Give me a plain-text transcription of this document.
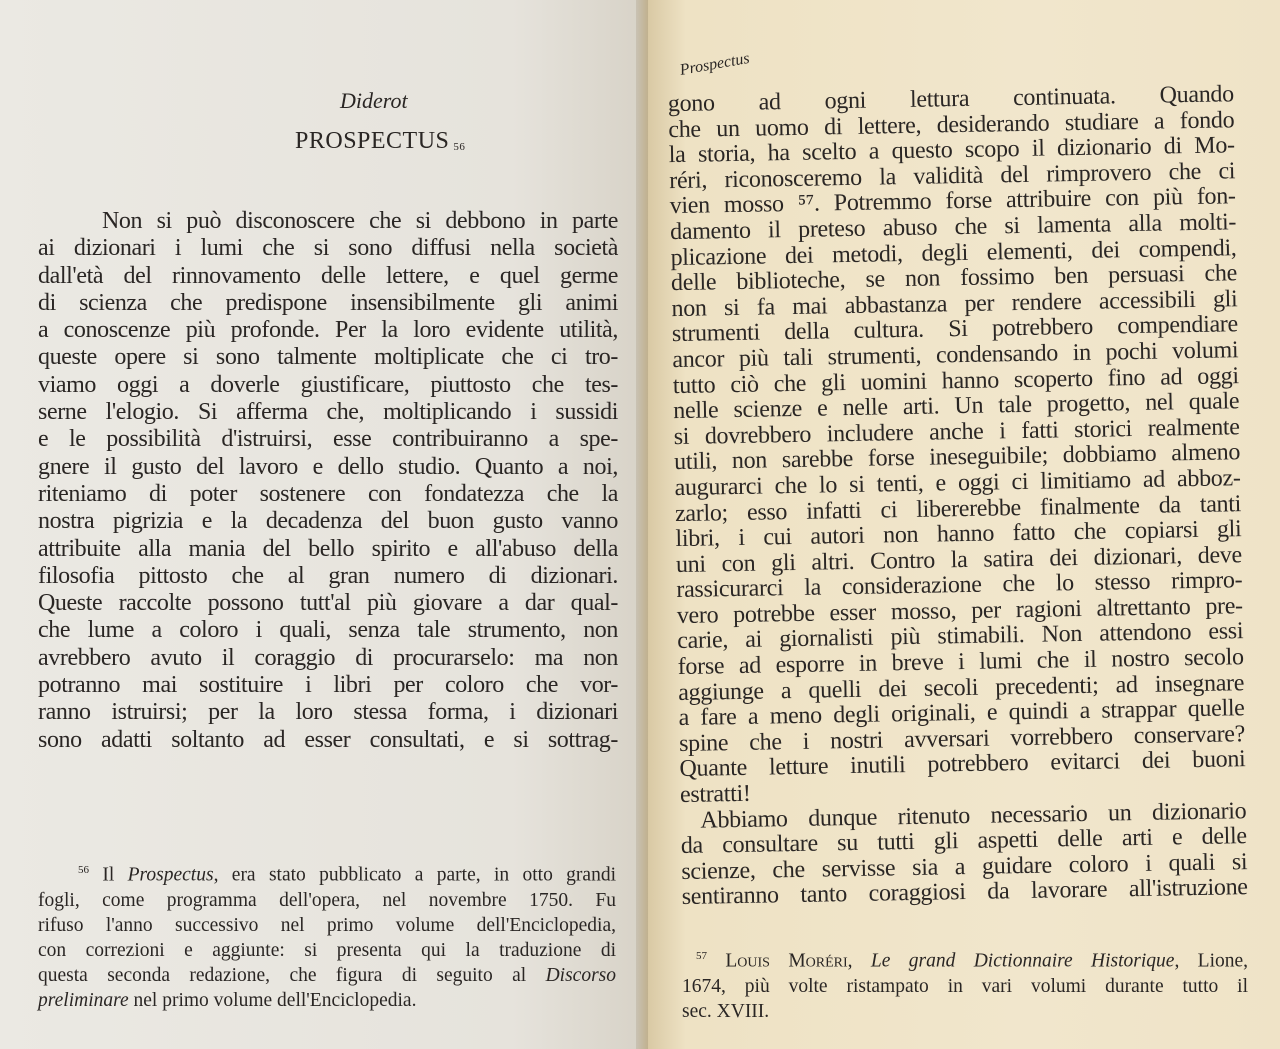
Diderot
PROSPECTUS $^{56}$
Non si può disconoscere che si debbono in parte
ai dizionari i lumi che si sono diffusi nella società
dall'età del rinnovamento delle lettere, e quel germe
di scienza che predispone insensibilmente gli animi
a conoscenze più profonde. Per la loro evidente utilità,
queste opere si sono talmente moltiplicate che ci tro-
viamo oggi a doverle giustificare, piuttosto che tes-
serne l'elogio. Si afferma che, moltiplicando i sussidi
e le possibilità d'istruirsi, esse contribuiranno a spe-
gnere il gusto del lavoro e dello studio. Quanto a noi,
riteniamo di poter sostenere con fondatezza che la
nostra pigrizia e la decadenza del buon gusto vanno
attribuite alla mania del bello spirito e all'abuso della
filosofia pittosto che al gran numero di dizionari.
Queste raccolte possono tutt'al più giovare a dar qual-
che lume a coloro i quali, senza tale strumento, non
avrebbero avuto il coraggio di procurarselo: ma non
potranno mai sostituire i libri per coloro che vor-
ranno istruirsi; per la loro stessa forma, i dizionari
sono adatti soltanto ad esser consultati, e si sottrag-
$^{56}$ Il Prospectus, era stato pubblicato a parte, in otto grandi
fogli, come programma dell'opera, nel novembre 1750. Fu
rifuso l'anno successivo nel primo volume dell'Enciclopedia,
con correzioni e aggiunte: si presenta qui la traduzione di
questa seconda redazione, che figura di seguito al Discorso
preliminare nel primo volume dell'Enciclopedia.
Prospectus
gono ad ogni lettura continuata. Quando
che un uomo di lettere, desiderando studiare a fondo
la storia, ha scelto a questo scopo il dizionario di Mo-
réri, riconosceremo la validità del rimprovero che ci
vien mosso ⁵⁷. Potremmo forse attribuire con più fon-
damento il preteso abuso che si lamenta alla molti-
plicazione dei metodi, degli elementi, dei compendi,
delle biblioteche, se non fossimo ben persuasi che
non si fa mai abbastanza per rendere accessibili gli
strumenti della cultura. Si potrebbero compendiare
ancor più tali strumenti, condensando in pochi volumi
tutto ciò che gli uomini hanno scoperto fino ad oggi
nelle scienze e nelle arti. Un tale progetto, nel quale
si dovrebbero includere anche i fatti storici realmente
utili, non sarebbe forse ineseguibile; dobbiamo almeno
augurarci che lo si tenti, e oggi ci limitiamo ad abboz-
zarlo; esso infatti ci libererebbe finalmente da tanti
libri, i cui autori non hanno fatto che copiarsi gli
uni con gli altri. Contro la satira dei dizionari, deve
rassicurarci la considerazione che lo stesso rimpro-
vero potrebbe esser mosso, per ragioni altrettanto pre-
carie, ai giornalisti più stimabili. Non attendono essi
forse ad esporre in breve i lumi che il nostro secolo
aggiunge a quelli dei secoli precedenti; ad insegnare
a fare a meno degli originali, e quindi a strappar quelle
spine che i nostri avversari vorrebbero conservare?
Quante letture inutili potrebbero evitarci dei buoni
estratti!
Abbiamo dunque ritenuto necessario un dizionario
da consultare su tutti gli aspetti delle arti e delle
scienze, che servisse sia a guidare coloro i quali si
sentiranno tanto coraggiosi da lavorare all'istruzione
$^{57}$ Louis Moréri, Le grand Dictionnaire Historique, Lione,
1674, più volte ristampato in vari volumi durante tutto il
sec. XVIII.
